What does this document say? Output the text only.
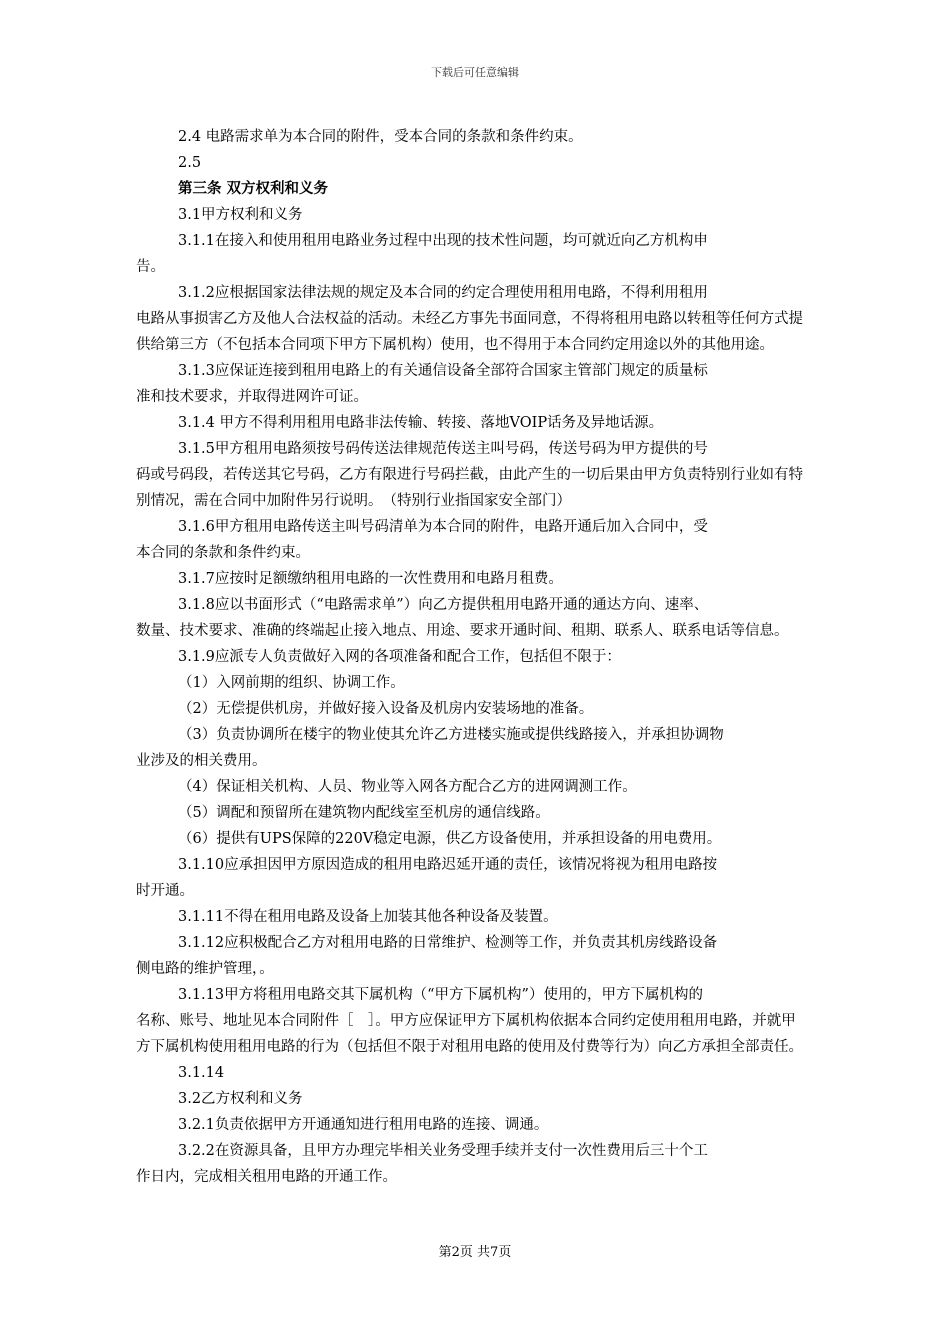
下载后可任意编辑

2.4 电路需求单为本合同的附件，受本合同的条款和条件约束。

2.5

第三条 双方权利和义务

3.1甲方权利和义务

3.1.1在接入和使用租用电路业务过程中出现的技术性问题，均可就近向乙方机构申

告。

3.1.2应根据国家法律法规的规定及本合同的约定合理使用租用电路，不得利用租用

电路从事损害乙方及他人合法权益的活动。未经乙方事先书面同意，不得将租用电路以转租等任何方式提供给第三方（不包括本合同项下甲方下属机构）使用，也不得用于本合同约定用途以外的其他用途。

3.1.3应保证连接到租用电路上的有关通信设备全部符合国家主管部门规定的质量标

准和技术要求，并取得进网许可证。

3.1.4 甲方不得利用租用电路非法传输、转接、落地VOIP话务及异地话源。

3.1.5甲方租用电路须按号码传送法律规范传送主叫号码，传送号码为甲方提供的号

码或号码段，若传送其它号码，乙方有限进行号码拦截，由此产生的一切后果由甲方负责特别行业如有特别情况，需在合同中加附件另行说明。　（特别行业指国家安全部门）

3.1.6甲方租用电路传送主叫号码清单为本合同的附件，电路开通后加入合同中，受

本合同的条款和条件约束。

3.1.7应按时足额缴纳租用电路的一次性费用和电路月租费。

3.1.8应以书面形式（“电路需求单”）向乙方提供租用电路开通的通达方向、速率、

数量、技术要求、准确的终端起止接入地点、用途、要求开通时间、租期、联系人、联系电话等信息。

3.1.9应派专人负责做好入网的各项准备和配合工作，包括但不限于：

（1）入网前期的组织、协调工作。

（2）无偿提供机房，并做好接入设备及机房内安装场地的准备。

（3）负责协调所在楼宇的物业使其允许乙方进楼实施或提供线路接入，并承担协调物

业涉及的相关费用。

（4）保证相关机构、人员、物业等入网各方配合乙方的进网调测工作。

（5）调配和预留所在建筑物内配线室至机房的通信线路。

（6）提供有UPS保障的220V稳定电源，供乙方设备使用，并承担设备的用电费用。

3.1.10应承担因甲方原因造成的租用电路迟延开通的责任，该情况将视为租用电路按

时开通。

3.1.11不得在租用电路及设备上加装其他各种设备及装置。

3.1.12应积极配合乙方对租用电路的日常维护、检测等工作，并负责其机房线路设备

侧电路的维护管理，。

3.1.13甲方将租用电路交其下属机构（“甲方下属机构”）使用的，甲方下属机构的

名称、账号、地址见本合同附件［　］。甲方应保证甲方下属机构依据本合同约定使用租用电路，并就甲方下属机构使用租用电路的行为（包括但不限于对租用电路的使用及付费等行为）向乙方承担全部责任。

3.1.14

3.2乙方权利和义务

3.2.1负责依据甲方开通通知进行租用电路的连接、调通。

3.2.2在资源具备，且甲方办理完毕相关业务受理手续并支付一次性费用后三十个工

作日内，完成相关租用电路的开通工作。

第2页 共7页
